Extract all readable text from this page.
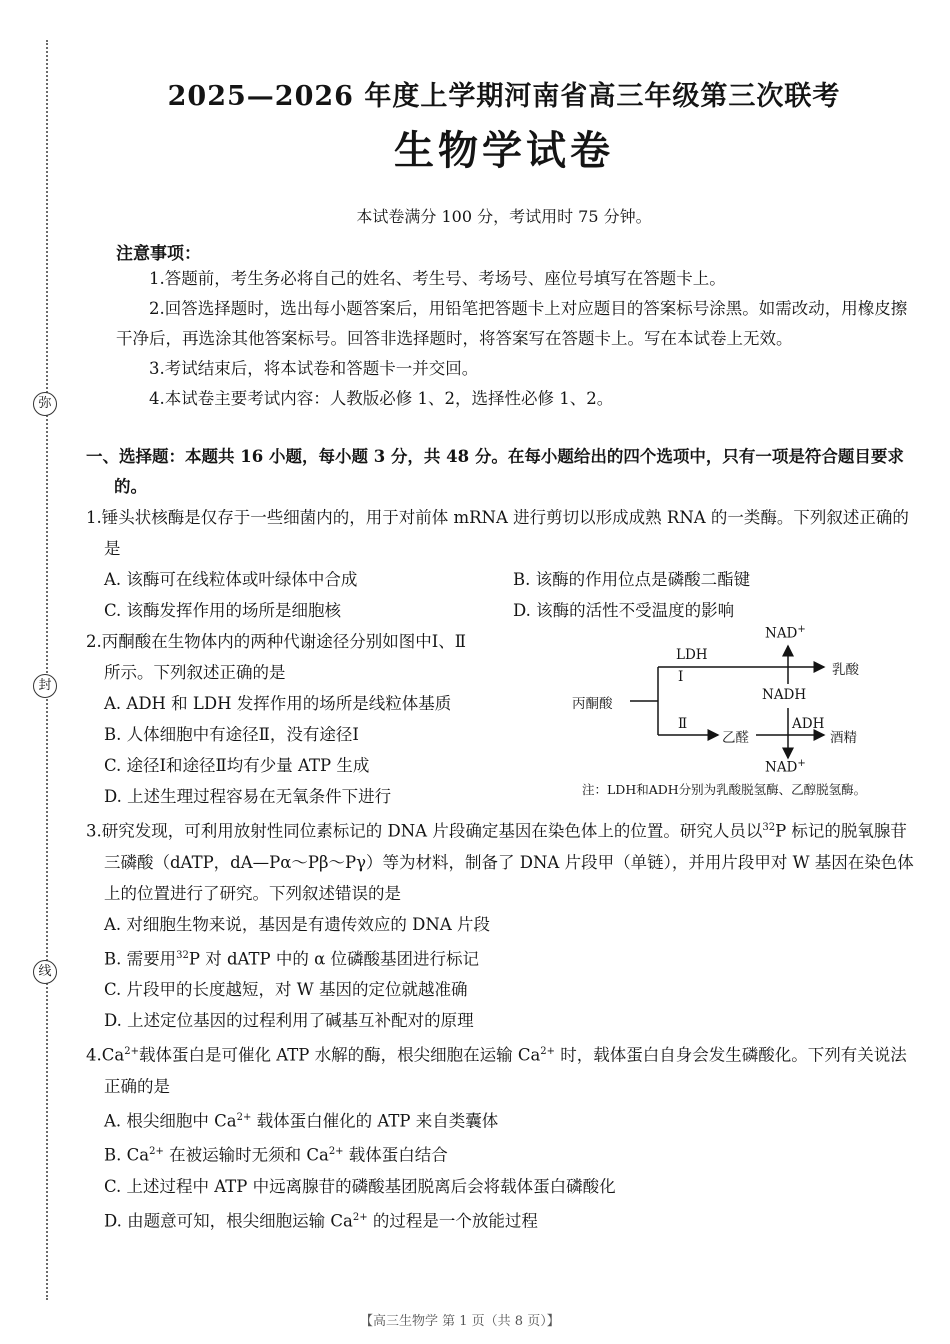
弥
封
线
2025—2026 年度上学期河南省高三年级第三次联考
生物学试卷
本试卷满分 100 分，考试用时 75 分钟。
注意事项：

1.答题前，考生务必将自己的姓名、考生号、考场号、座位号填写在答题卡上。

2.回答选择题时，选出每小题答案后，用铅笔把答题卡上对应题目的答案标号涂黑。如需改动，用橡皮擦干净后，再选涂其他答案标号。回答非选择题时，将答案写在答题卡上。写在本试卷上无效。

3.考试结束后，将本试卷和答题卡一并交回。

4.本试卷主要考试内容：人教版必修 1、2，选择性必修 1、2。

一、选择题：本题共 16 小题，每小题 3 分，共 48 分。在每小题给出的四个选项中，只有一项是符合题目要求的。

1.锤头状核酶是仅存于一些细菌内的，用于对前体 mRNA 进行剪切以形成成熟 RNA 的一类酶。下列叙述正确的是

A. 该酶可在线粒体或叶绿体中合成	B. 该酶的作用位点是磷酸二酯键
C. 该酶发挥作用的场所是细胞核	D. 该酶的活性不受温度的影响

2.丙酮酸在生物体内的两种代谢途径分别如图中Ⅰ、Ⅱ

所示。下列叙述正确的是
A. ADH 和 LDH 发挥作用的场所是线粒体基质
B. 人体细胞中有途径Ⅱ，没有途径Ⅰ
C. 途径Ⅰ和途径Ⅱ均有少量 ATP 生成
D. 上述生理过程容易在无氧条件下进行
丙酮酸
LDH
Ⅰ
Ⅱ
乳酸
NAD+
NADH
乙醛
ADH
酒精
NAD+
注：LDH和ADH分别为乳酸脱氢酶、乙醇脱氢酶。

3.研究发现，可利用放射性同位素标记的 DNA 片段确定基因在染色体上的位置。研究人员以$^{32}$P 标记的脱氧腺苷三磷酸（dATP，dA—Pα～Pβ～Pγ）等为材料，制备了 DNA 片段甲（单链），并用片段甲对 W 基因在染色体上的位置进行了研究。下列叙述错误的是

A. 对细胞生物来说，基因是有遗传效应的 DNA 片段
B. 需要用$^{32}$P 对 dATP 中的 α 位磷酸基团进行标记
C. 片段甲的长度越短，对 W 基因的定位就越准确
D. 上述定位基因的过程利用了碱基互补配对的原理

$4.Ca^{2+}$载体蛋白是可催化 ATP 水解的酶，根尖细胞在运输 $Ca^{2+}$ 时，载体蛋白自身会发生磷酸化。下列有关说法正确的是

A. 根尖细胞中 $Ca^{2+}$ 载体蛋白催化的 ATP 来自类囊体
B. $Ca^{2+}$ 在被运输时无须和 $Ca^{2+}$ 载体蛋白结合
C. 上述过程中 ATP 中远离腺苷的磷酸基团脱离后会将载体蛋白磷酸化
D. 由题意可知，根尖细胞运输 $Ca^{2+}$ 的过程是一个放能过程
【高三生物学 第 1 页（共 8 页）】
